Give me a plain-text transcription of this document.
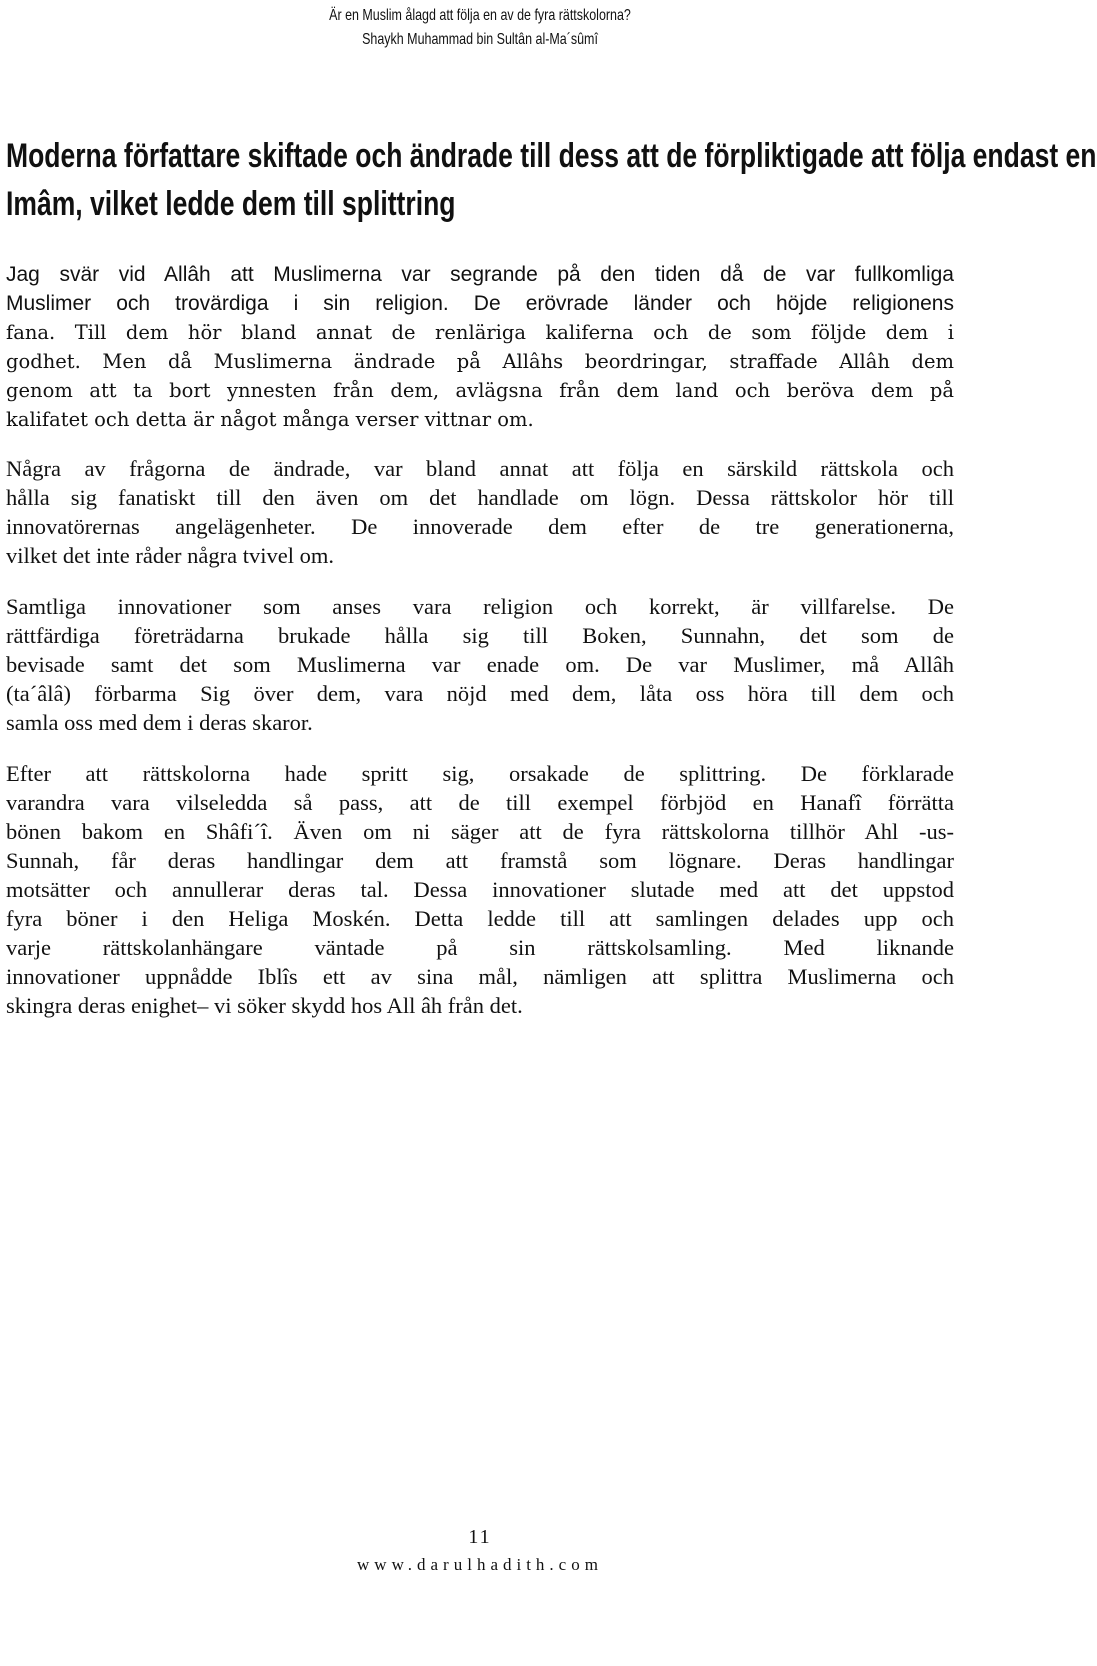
Är en Muslim ålagd att följa en av de fyra rättskolorna?
Shaykh Muhammad bin Sultân al-Ma´sûmî
Moderna författare skiftade och ändrade till dess att de förpliktigade att följa endast en
Imâm, vilket ledde dem till splittring

Jag svär vid Allâh att Muslimerna var segrande på den tiden då de var fullkomliga
Muslimer och trovärdiga i sin religion. De erövrade länder och höjde religionens
fana. Till dem hör bland annat de renläriga kaliferna och de som följde dem i
godhet. Men då Muslimerna ändrade på Allâhs beordringar, straffade Allâh dem
genom att ta bort ynnesten från dem, avlägsna från dem land och beröva dem på
kalifatet och detta är något många verser vittnar om.

Några av frågorna de ändrade, var bland annat att följa en särskild rättskola och
hålla sig fanatiskt till den även om det handlade om lögn. Dessa rättskolor hör till
innovatörernas angelägenheter. De innoverade dem efter de tre generationerna,
vilket det inte råder några tvivel om.

Samtliga innovationer som anses vara religion och korrekt, är villfarelse. De
rättfärdiga företrädarna brukade hålla sig till Boken, Sunnahn, det som de
bevisade samt det som Muslimerna var enade om. De var Muslimer, må Allâh
(ta´âlâ) förbarma Sig över dem, vara nöjd med dem, låta oss höra till dem och
samla oss med dem i deras skaror.

Efter att rättskolorna hade spritt sig, orsakade de splittring. De förklarade
varandra vara vilseledda så pass, att de till exempel förbjöd en Hanafî förrätta
bönen bakom en Shâfi´î. Även om ni säger att de fyra rättskolorna tillhör Ahl -us-
Sunnah, får deras handlingar dem att framstå som lögnare. Deras handlingar
motsätter och annullerar deras tal. Dessa innovationer slutade med att det uppstod
fyra böner i den Heliga Moskén. Detta ledde till att samlingen delades upp och
varje rättskolanhängare väntade på sin rättskolsamling. Med liknande
innovationer uppnådde Iblîs ett av sina mål, nämligen att splittra Muslimerna och
skingra deras enighet– vi söker skydd hos All âh från det.

11
www.darulhadith.com
